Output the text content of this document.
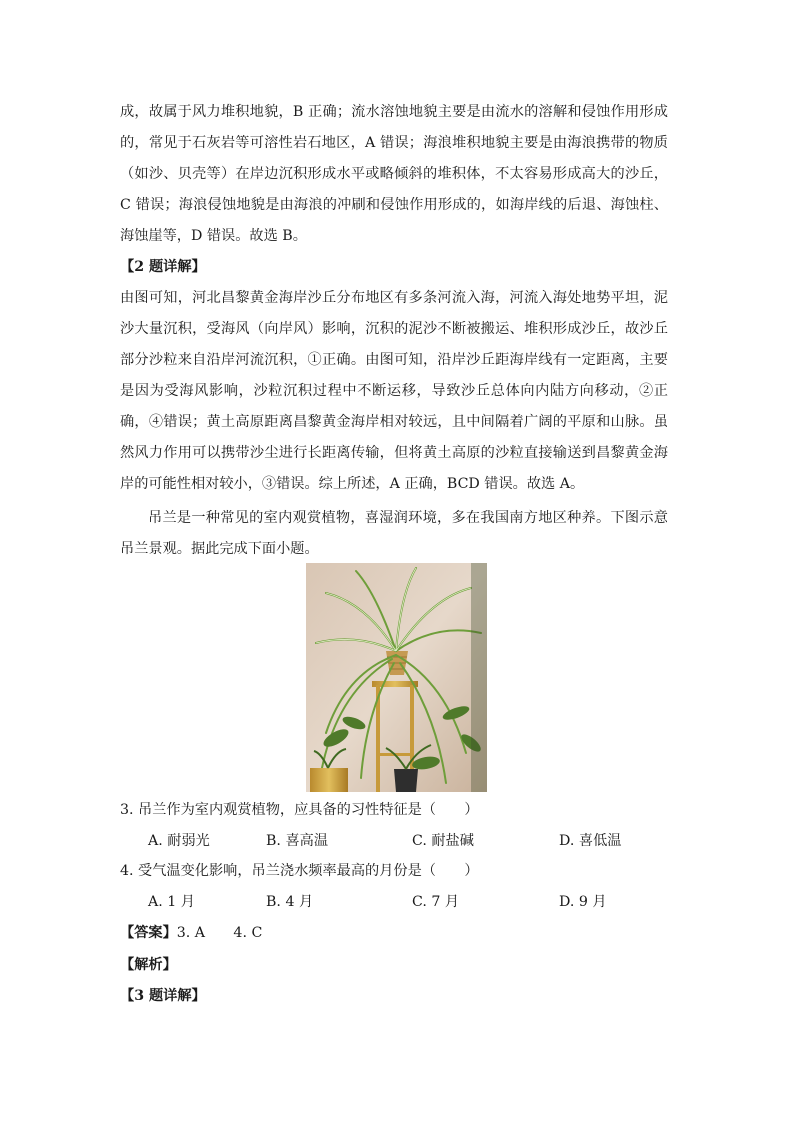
成，故属于风力堆积地貌，B 正确；流水溶蚀地貌主要是由流水的溶解和侵蚀作用形成的，常见于石灰岩等可溶性岩石地区，A 错误；海浪堆积地貌主要是由海浪携带的物质（如沙、贝壳等）在岸边沉积形成水平或略倾斜的堆积体，不太容易形成高大的沙丘，C 错误；海浪侵蚀地貌是由海浪的冲刷和侵蚀作用形成的，如海岸线的后退、海蚀柱、海蚀崖等，D 错误。故选 B。

【2 题详解】

由图可知，河北昌黎黄金海岸沙丘分布地区有多条河流入海，河流入海处地势平坦，泥沙大量沉积，受海风（向岸风）影响，沉积的泥沙不断被搬运、堆积形成沙丘，故沙丘部分沙粒来自沿岸河流沉积，①正确。由图可知，沿岸沙丘距海岸线有一定距离，主要是因为受海风影响，沙粒沉积过程中不断运移，导致沙丘总体向内陆方向移动，②正确，④错误；黄土高原距离昌黎黄金海岸相对较远，且中间隔着广阔的平原和山脉。虽然风力作用可以携带沙尘进行长距离传输，但将黄土高原的沙粒直接输送到昌黎黄金海岸的可能性相对较小，③错误。综上所述，A 正确，BCD 错误。故选 A。

吊兰是一种常见的室内观赏植物，喜湿润环境，多在我国南方地区种养。下图示意吊兰景观。据此完成下面小题。

3. 吊兰作为室内观赏植物，应具备的习性特征是（　　）

A. 耐弱光	B. 喜高温	C. 耐盐碱	D. 喜低温

4. 受气温变化影响，吊兰浇水频率最高的月份是（　　）

A. 1 月	B. 4 月	C. 7 月	D. 9 月

【答案】3. A　　4. C

【解析】

【3 题详解】
